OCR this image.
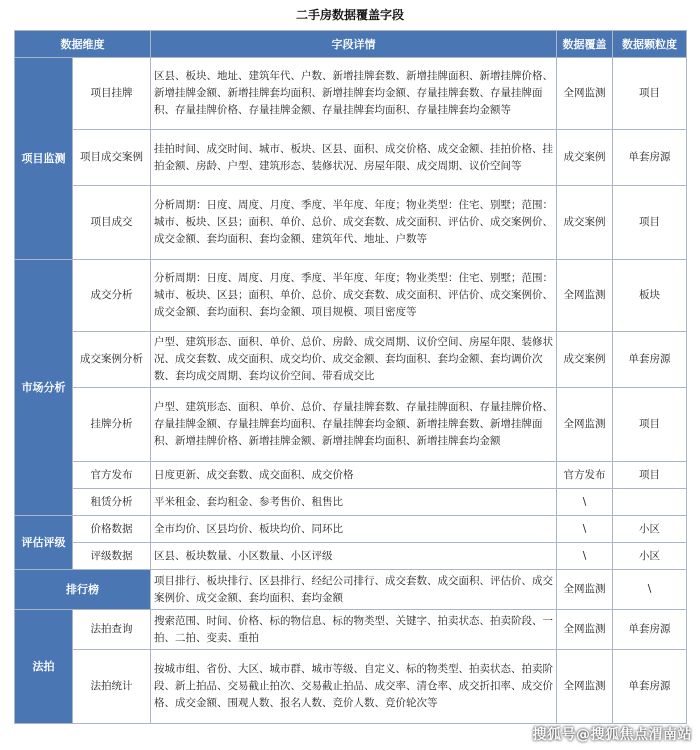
二手房数据覆盖字段
数据维度		字段详情	数据覆盖	数据颗粒度
项目监测	项目挂牌	区县、板块、地址、建筑年代、户数、新增挂牌套数、新增挂牌面积、新增挂牌价格、新增挂牌金额、新增挂牌套均面积、新增挂牌套均金额、存量挂牌套数、存量挂牌面积、存量挂牌价格、存量挂牌金额、存量挂牌套均面积、存量挂牌套均金额等	全网监测	项目
	项目成交案例	挂拍时间、成交时间、城市、板块、区县、面积、成交价格、成交金额、挂拍价格、挂拍金额、房龄、户型、建筑形态、装修状况、房屋年限、成交周期、议价空间等	成交案例	单套房源
	项目成交	分析周期：日度、周度、月度、季度、半年度、年度；物业类型：住宅、别墅；范围：城市、板块、区县；面积、单价、总价、成交套数、成交面积、评估价、成交案例价、成交金额、套均面积、套均金额、建筑年代、地址、户数等	成交案例	项目
市场分析	成交分析	分析周期：日度、周度、月度、季度、半年度、年度；物业类型：住宅、别墅；范围：城市、板块、区县；面积、单价、总价、成交套数、成交面积、评估价、成交案例价、成交金额、套均面积、套均金额、项目规模、项目密度等	全网监测	板块
	成交案例分析	户型、建筑形态、面积、单价、总价、房龄、成交周期、议价空间、房屋年限、装修状况、成交套数、成交面积、成交均价、成交金额、套均面积、套均金额、套均调价次数、套均成交周期、套均议价空间、带看成交比	成交案例	单套房源
	挂牌分析	户型、建筑形态、面积、单价、总价、存量挂牌套数、存量挂牌面积、存量挂牌价格、存量挂牌金额、存量挂牌套均面积、存量挂牌套均金额、新增挂牌套数、新增挂牌面积、新增挂牌价格、新增挂牌金额、新增挂牌套均面积、新增挂牌套均金额	全网监测	项目
	官方发布	日度更新、成交套数、成交面积、成交价格	官方发布	项目
	租赁分析	平米租金、套均租金、参考售价、租售比	\	
评估评级	价格数据	全市均价、区县均价、板块均价、同环比	\	小区
	评级数据	区县、板块数量、小区数量、小区评级	\	小区
排行榜		项目排行、板块排行、区县排行、经纪公司排行、成交套数、成交面积、评估价、成交案例价、成交金额、套均面积、套均金额	全网监测	\
法拍	法拍查询	搜索范围、时间、价格、标的物信息、标的物类型、关键字、拍卖状态、拍卖阶段、一拍、二拍、变卖、重拍	全网监测	单套房源
	法拍统计	按城市组、省份、大区、城市群、城市等级、自定义、标的物类型、拍卖状态、拍卖阶段、新上拍品、交易截止拍次、交易截止拍品、成交率、清仓率、成交折扣率、成交价格、成交金额、围观人数、报名人数、竞价人数、竞价轮次等	全网监测	单套房源
搜狐号@搜狐焦点渭南站
